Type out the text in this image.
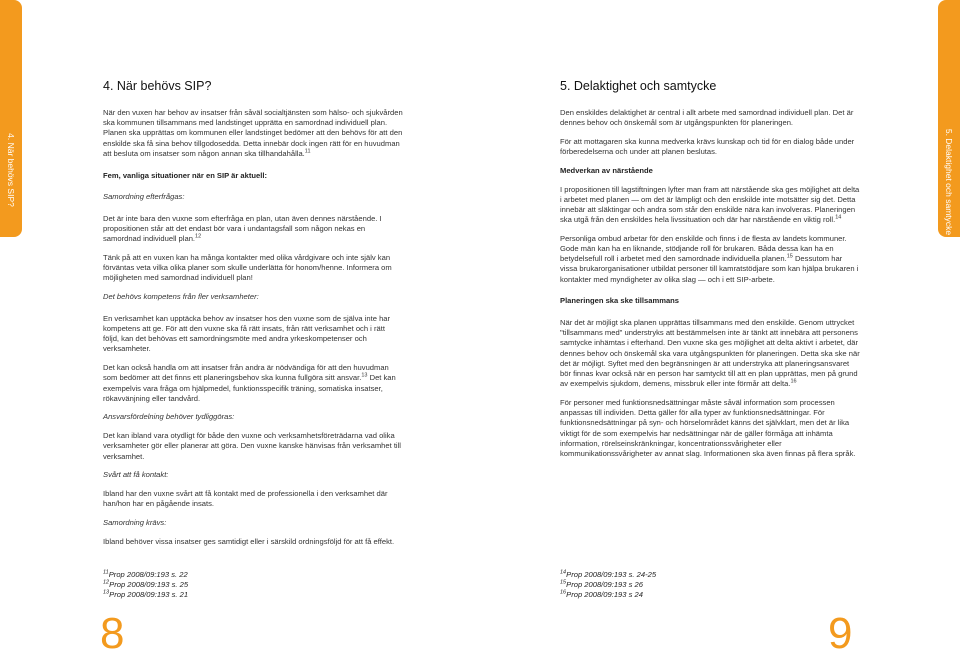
4. När behövs SIP?	5. Delaktighet och samtycke
4. När behövs SIP?

När den vuxen har behov av insatser från såväl socialtjänsten som hälso- och sjukvården ska kommunen tillsammans med landstinget upprätta en samordnad individuell plan. Planen ska upprättas om kommunen eller landstinget bedömer att den behövs för att den enskilde ska få sina behov tillgodosedda. Detta innebär dock ingen rätt för en huvudman att besluta om insatser som någon annan ska tillhandahålla.$^{11}$

Fem, vanliga situationer när en SIP är aktuell:

Samordning efterfrågas:

Det är inte bara den vuxne som efterfråga en plan, utan även dennes närstående. I propositionen står att det endast bör vara i undantagsfall som någon nekas en samordnad individuell plan.$^{12}$

Tänk på att en vuxen kan ha många kontakter med olika vårdgivare och inte själv kan förväntas veta vilka olika planer som skulle underlätta för honom/henne. Informera om möjligheten med samordnad individuell plan!

Det behövs kompetens från fler verksamheter:

En verksamhet kan upptäcka behov av insatser hos den vuxne som de själva inte har kompetens att ge. För att den vuxne ska få rätt insats, från rätt verksamhet och i rätt följd, kan det behövas ett samordningsmöte med andra yrkeskompetenser och verksamheter.

Det kan också handla om att insatser från andra är nödvändiga för att den huvudman som bedömer att det finns ett planeringsbehov ska kunna fullgöra sitt ansvar.$^{13}$ Det kan exempelvis vara fråga om hjälpmedel, funktionsspecifik träning, somatiska insatser, rökavvänjning eller tandvård.

Ansvarsfördelning behöver tydliggöras:

Det kan ibland vara otydligt för både den vuxne och verksamhetsföreträdarna vad olika verksamheter gör eller planerar att göra. Den vuxne kanske hänvisas från verksamhet till verksamhet.

Svårt att få kontakt:

Ibland har den vuxne svårt att få kontakt med de professionella i den verksamhet där han/hon har en pågående insats.

Samordning krävs:

Ibland behöver vissa insatser ges samtidigt eller i särskild ordningsföljd för att få effekt.

$^{11}$Prop 2008/09:193 s. 22
$^{12}$Prop 2008/09:193 s. 25
$^{13}$Prop 2008/09:193 s. 21
5. Delaktighet och samtycke

Den enskildes delaktighet är central i allt arbete med samordnad individuell plan. Det är dennes behov och önskemål som är utgångspunkten för planeringen.

För att mottagaren ska kunna medverka krävs kunskap och tid för en dialog både under förberedelserna och under att planen beslutas.

Medverkan av närstående

I propositionen till lagstiftningen lyfter man fram att närstående ska ges möjlighet att delta i arbetet med planen — om det är lämpligt och den enskilde inte motsätter sig det. Detta innebär att släktingar och andra som står den enskilde nära kan involveras. Planeringen ska utgå från den enskildes hela livssituation och där har närstående en viktig roll.$^{14}$

Personliga ombud arbetar för den enskilde och finns i de flesta av landets kommuner. Gode män kan ha en liknande, stödjande roll för brukaren. Båda dessa kan ha en betydelsefull roll i arbetet med den samordnade individuella planen.$^{15}$ Dessutom har vissa brukarorganisationer utbildat personer till kamratstödjare som kan hjälpa brukaren i kontakter med myndigheter av olika slag — och i ett SIP-arbete.

Planeringen ska ske tillsammans

När det är möjligt ska planen upprättas tillsammans med den enskilde. Genom uttrycket "tillsammans med" understryks att bestämmelsen inte är tänkt att innebära att personens samtycke inhämtas i efterhand. Den vuxne ska ges möjlighet att delta aktivt i arbetet, där dennes behov och önskemål ska vara utgångspunkten för planeringen. Detta ska ske när det är möjligt. Syftet med den begränsningen är att understryka att planeringsansvaret bör finnas kvar också när en person har samtyckt till att en plan upprättas, men på grund av exempelvis sjukdom, demens, missbruk eller inte förmår att delta.$^{16}$

För personer med funktionsnedsättningar måste såväl information som processen anpassas till individen. Detta gäller för alla typer av funktionsnedsättningar. För funktionsnedsättningar på syn- och hörselområdet känns det självklart, men det är lika viktigt för de som exempelvis har nedsättningar när de gäller förmåga att inhämta information, rörelseinskränkningar, koncentrationssvårigheter eller kommunikationssvårigheter av annat slag. Informationen ska även finnas på flera språk.

$^{14}$Prop 2008/09:193 s. 24-25
$^{15}$Prop 2008/09:193 s 26
$^{16}$Prop 2008/09:193 s 24
8	9
